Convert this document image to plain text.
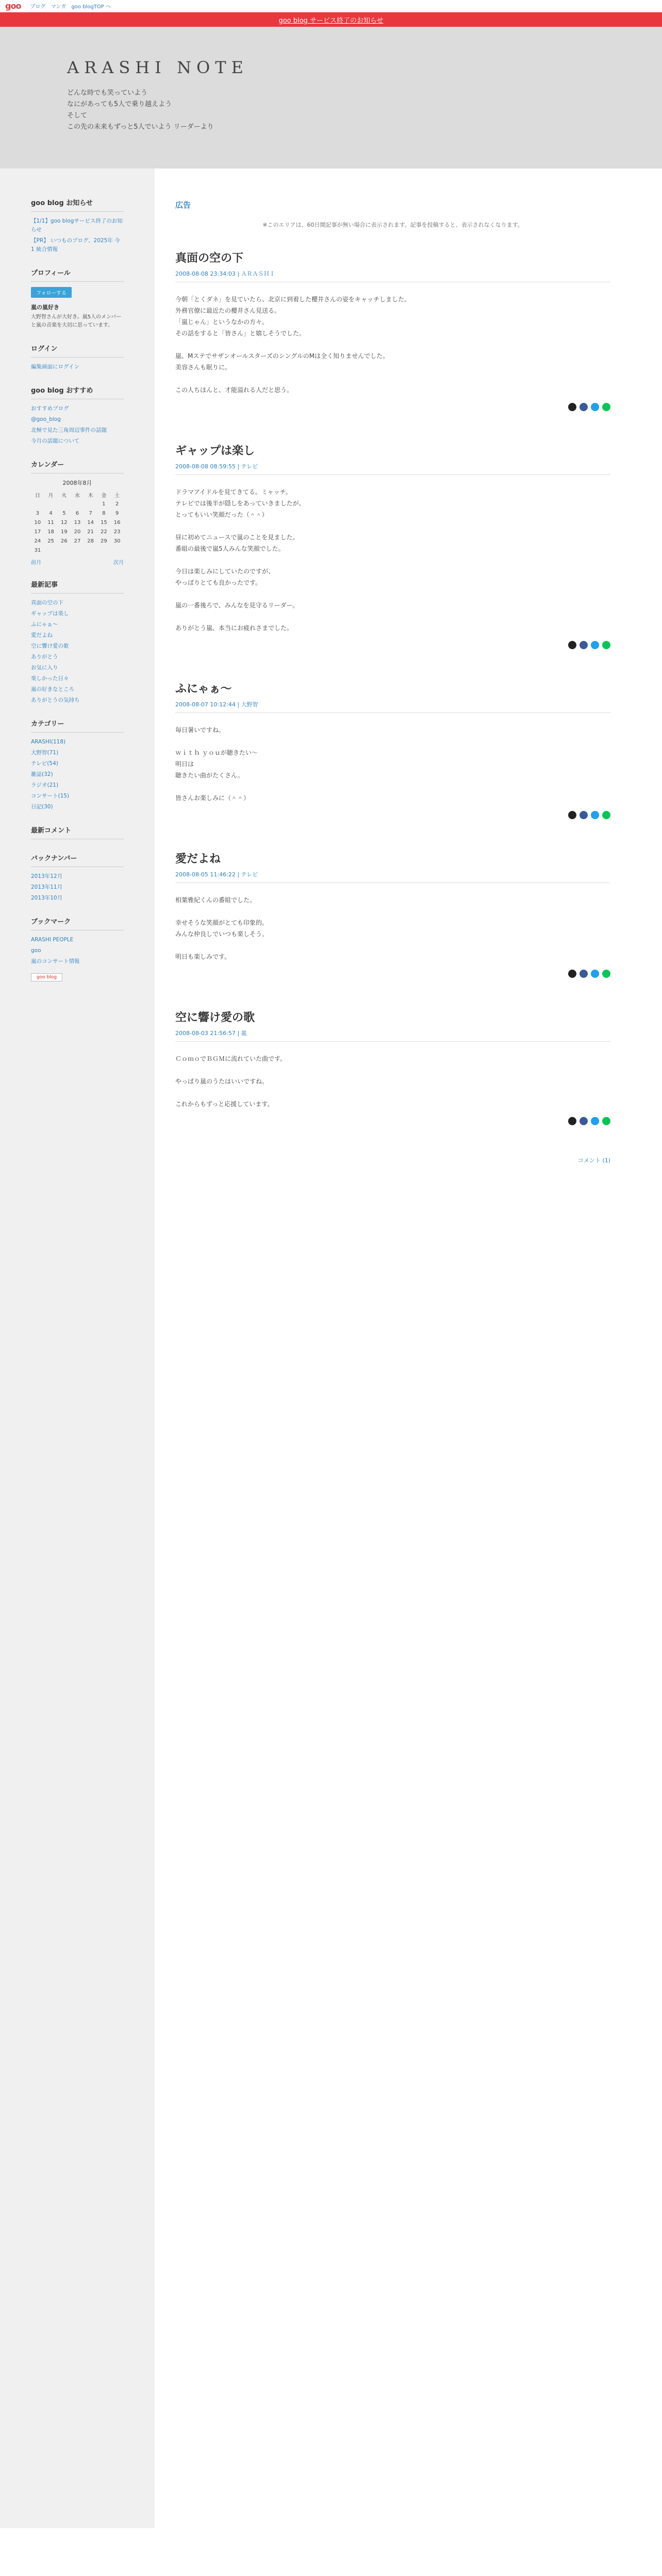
goo ブログ マンガ goo blogTOP へ
goo blog サービス終了のお知らせ
ARASHI NOTE
どんな時でも笑っていよう
なにがあっても5人で乗り越えよう
そして
この先の未来もずっと5人でいよう リーダーより
goo blog お知らせ
【1/1】goo blogサービス終了のお知らせ
【PR】 いつものブログ、2025年 今 1 統合情報
プロフィール
フォローする
嵐の嵐好き
大野智さんが大好き。嵐5人のメンバーと嵐の音楽を大切に思っています。
ログイン
編集画面にログイン
goo blog おすすめ
おすすめブログ
@goo_blog
北極で見た三角周辺事件の話題
今月の話題について
カレンダー
2008年8月
日	月	火	水	木	金	土
					1	2
3	4	5	6	7	8	9
10	11	12	13	14	15	16
17	18	19	20	21	22	23
24	25	26	27	28	29	30
31						
前月	次月
最新記事
真面の空の下
ギャップは楽し
ふにゃぁ～
愛だよね
空に響け愛の歌
ありがとう
お気に入り
楽しかった日々
嵐の好きなところ
ありがとうの気持ち
カテゴリー
ARASHI(118)
大野智(71)
テレビ(54)
雑誌(32)
ラジオ(21)
コンサート(15)
日記(30)
最新コメント
バックナンバー
2013年12月
2013年11月
2013年10月
ブックマーク
ARASHI PEOPLE
goo
嵐のコンサート情報
goo blog
広告
※このエリアは、60日間記事が無い場合に表示されます。記事を投稿すると、表示されなくなります。
真面の空の下
2008-08-08 23:34:03 | ＡＲＡＳＨＩ

今朝「とくダネ」を見ていたら、北京に到着した櫻井さんの姿をキャッチしました。

外務官僚に最近たの櫻井さん見送る。

「嵐じゃん」というなかの方々。

その話をすると「皆さん」と嬉しそうでした。

嵐、MステでサザンオールスターズのシングルのMは全く知りませんでした。

美容さんも眠りに。

この人ちほんと、才能溢れる人だと思う。

ギャップは楽し
2008-08-08 08:59:55 | テレビ

ドラマアイドルを見てきてる。ミャッチ。

テレビでは後半が隠しをあっていきましたが、

とってもいい笑顔だった（＾＾）

昼に初めてニュースで嵐のことを見ました。

番組の最後で嵐5人みんな笑顔でした。

今日は楽しみにしていたのですが、

やっぱりとても良かったです。

嵐の一番後ろで、みんなを見守るリーダー。

ありがとう嵐、本当にお疲れさまでした。

ふにゃぁ～
2008-08-07 10:12:44 | 大野智

毎日暑いですね。

ｗｉｔｈ ｙｏｕが聴きたい～

明日は

聴きたい曲がたくさん。

皆さんお楽しみに（＾＾）

愛だよね
2008-08-05 11:46:22 | テレビ

相葉雅紀くんの番組でした。

幸せそうな笑顔がとても印象的。

みんな仲良しでいつも楽しそう。

明日も楽しみです。

空に響け愛の歌
2008-08-03 21:56:57 | 嵐

ＣｏｍｏでＢＧＭに流れていた曲です。

やっぱり嵐のうたはいいですね。

これからもずっと応援しています。

コメント (1)
